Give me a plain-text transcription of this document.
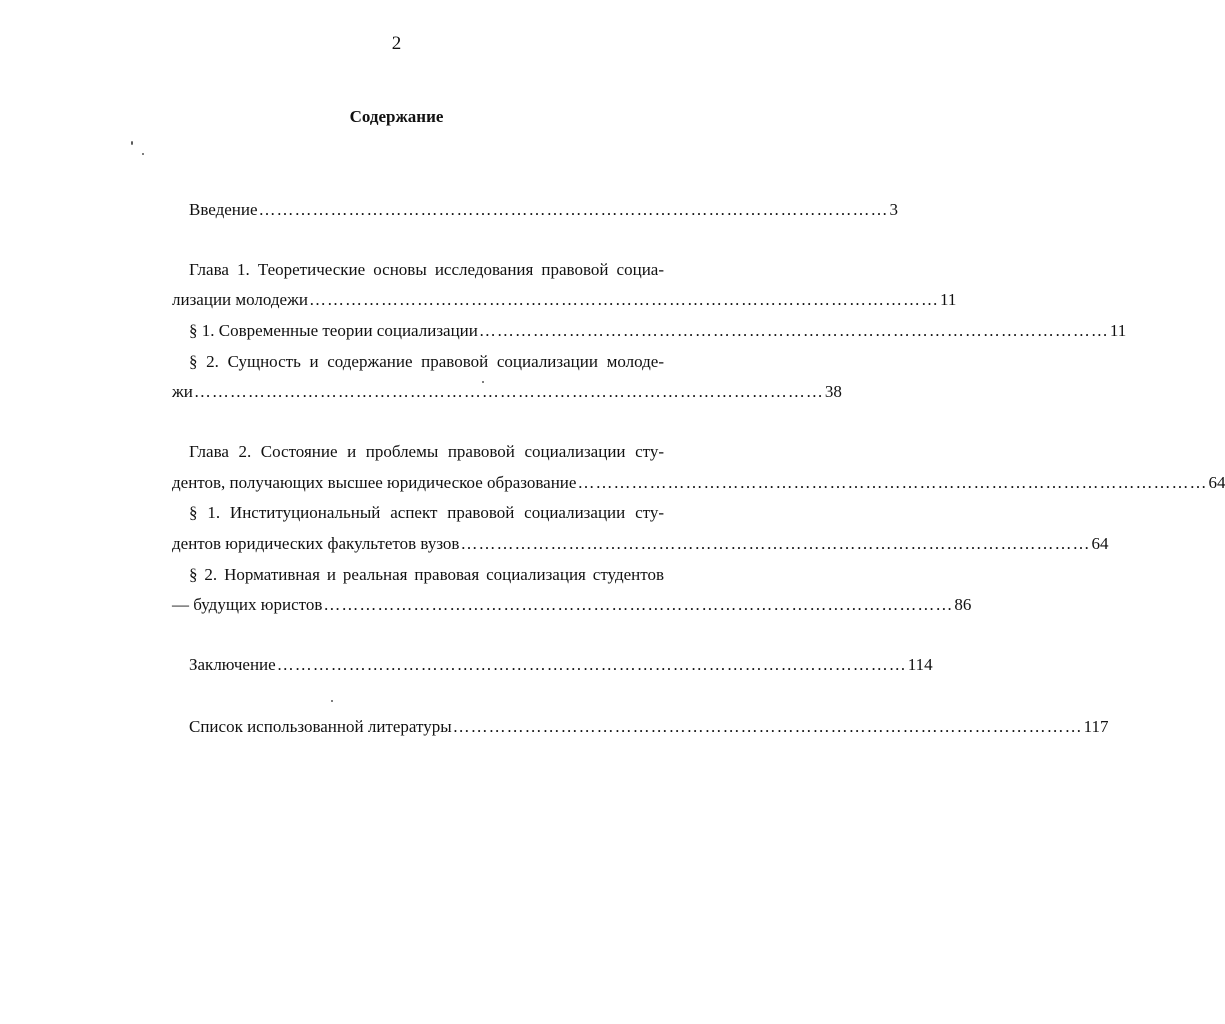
2
Содержание
Введение …………………………………………………………………………………………… 3
Глава 1. Теоретические основы исследования правовой социа-
лизации молодежи …………………………………………………………………………………………… 11
§ 1. Современные теории социализации …………………………………………………………………………………………… 11
§ 2. Сущность и содержание правовой социализации молоде-
жи …………………………………………………………………………………………… 38
Глава 2. Состояние и проблемы правовой социализации сту-
дентов, получающих высшее юридическое образование …………………………………………………………………………………………… 64
§ 1. Институциональный аспект правовой социализации сту-
дентов юридических факультетов вузов …………………………………………………………………………………………… 64
§ 2. Нормативная и реальная правовая социализация студентов
— будущих юристов …………………………………………………………………………………………… 86
Заключение …………………………………………………………………………………………… 114
Список использованной литературы …………………………………………………………………………………………… 117
